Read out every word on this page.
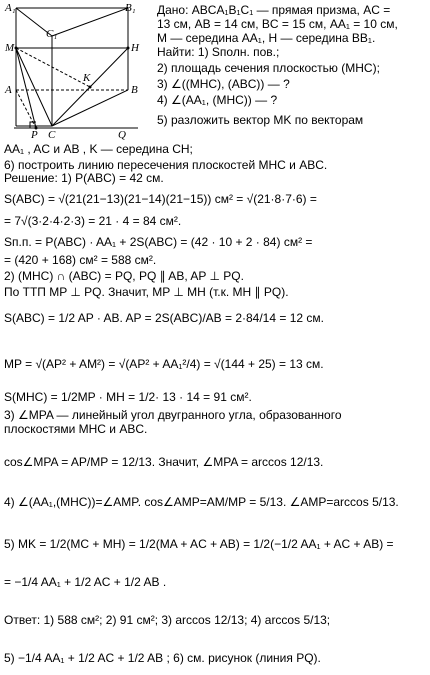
A₁	B₁
C₁
M	H
K
A	B
C
P	Q
Дано: ABCA₁B₁C₁ — прямая призма, AC =
13 см, AB = 14 см, BC = 15 см, AA₁ = 10 см,
M — середина AA₁, H — середина BB₁.
Найти: 1) Sполн. пов.;
2) площадь сечения плоскостью (MHC);
3) ∠((MHC), (ABC)) — ?
4) ∠(AA₁, (MHC)) — ?
5) разложить вектор MK по векторам
AA₁ , AC и AB , K — середина CH;
6) построить линию пересечения плоскостей MHC и ABC.
Решение: 1) P(ABC) = 42 см.
S(ABC) = √(21(21−13)(21−14)(21−15)) см² = √(21·8·7·6) =
= 7√(3·2·4·2·3) = 21 · 4 = 84 см².
Sп.п. = P(ABC) · AA₁ + 2S(ABC) = (42 · 10 + 2 · 84) см² =
= (420 + 168) см² = 588 см².
2) (MHC) ∩ (ABC) = PQ, PQ ∥ AB, AP ⊥ PQ.
По ТТП MP ⊥ PQ. Значит, MP ⊥ MH (т.к. MH ∥ PQ).
S(ABC) = 1/2 AP · AB. AP = 2S(ABC)/AB = 2·84/14 = 12 см.
MP = √(AP² + AM²) = √(AP² + AA₁²/4) = √(144 + 25) = 13 см.
S(MHC) = 1/2MP · MH = 1/2· 13 · 14 = 91 см².
3) ∠MPA — линейный угол двугранного угла, образованного
плоскостями MHC и ABC.
cos∠MPA = AP/MP = 12/13. Значит, ∠MPA = arccos 12/13.
4) ∠(AA₁,(MHC))=∠AMP. cos∠AMP=AM/MP = 5/13. ∠AMP=arccos 5/13.
5) MK = 1/2(MC + MH) = 1/2(MA + AC + AB) = 1/2(−1/2 AA₁ + AC + AB) =
= −1/4 AA₁ + 1/2 AC + 1/2 AB .
Ответ: 1) 588 см²; 2) 91 см²; 3) arccos 12/13; 4) arccos 5/13;
5) −1/4 AA₁ + 1/2 AC + 1/2 AB ; 6) см. рисунок (линия PQ).
